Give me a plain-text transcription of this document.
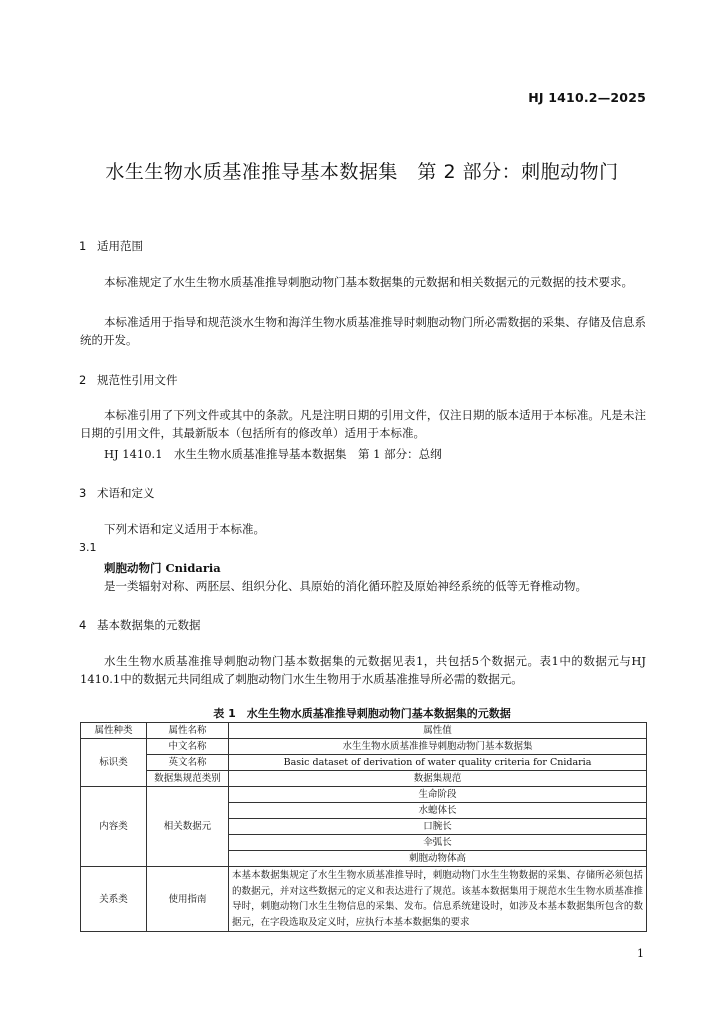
HJ 1410.2—2025
水生生物水质基准推导基本数据集　第 2 部分：刺胞动物门
1 适用范围
本标准规定了水生生物水质基准推导刺胞动物门基本数据集的元数据和相关数据元的元数据的技术要求。
本标准适用于指导和规范淡水生物和海洋生物水质基准推导时刺胞动物门所必需数据的采集、存储及信息系统的开发。
2 规范性引用文件
本标准引用了下列文件或其中的条款。凡是注明日期的引用文件，仅注日期的版本适用于本标准。凡是未注日期的引用文件，其最新版本（包括所有的修改单）适用于本标准。
HJ 1410.1　水生生物水质基准推导基本数据集　第 1 部分：总纲
3 术语和定义
下列术语和定义适用于本标准。
3.1
刺胞动物门 Cnidaria
是一类辐射对称、两胚层、组织分化、具原始的消化循环腔及原始神经系统的低等无脊椎动物。
4 基本数据集的元数据
水生生物水质基准推导刺胞动物门基本数据集的元数据见表1，共包括5个数据元。表1中的数据元与HJ 1410.1中的数据元共同组成了刺胞动物门水生生物用于水质基准推导所必需的数据元。
表 1　水生生物水质基准推导刺胞动物门基本数据集的元数据
属性种类	属性名称	属性值
标识类	中文名称	水生生物水质基准推导刺胞动物门基本数据集
	英文名称	Basic dataset of derivation of water quality criteria for Cnidaria
	数据集规范类别	数据集规范
内容类	相关数据元	生命阶段
		水螅体长
		口腕长
		伞弧长
		刺胞动物体高
关系类	使用指南	本基本数据集规定了水生生物水质基准推导时，刺胞动物门水生生物数据的采集、存储所必须包括的数据元，并对这些数据元的定义和表达进行了规范。该基本数据集用于规范水生生物水质基准推导时，刺胞动物门水生生物信息的采集、发布。信息系统建设时，如涉及本基本数据集所包含的数据元，在字段选取及定义时，应执行本基本数据集的要求
1
